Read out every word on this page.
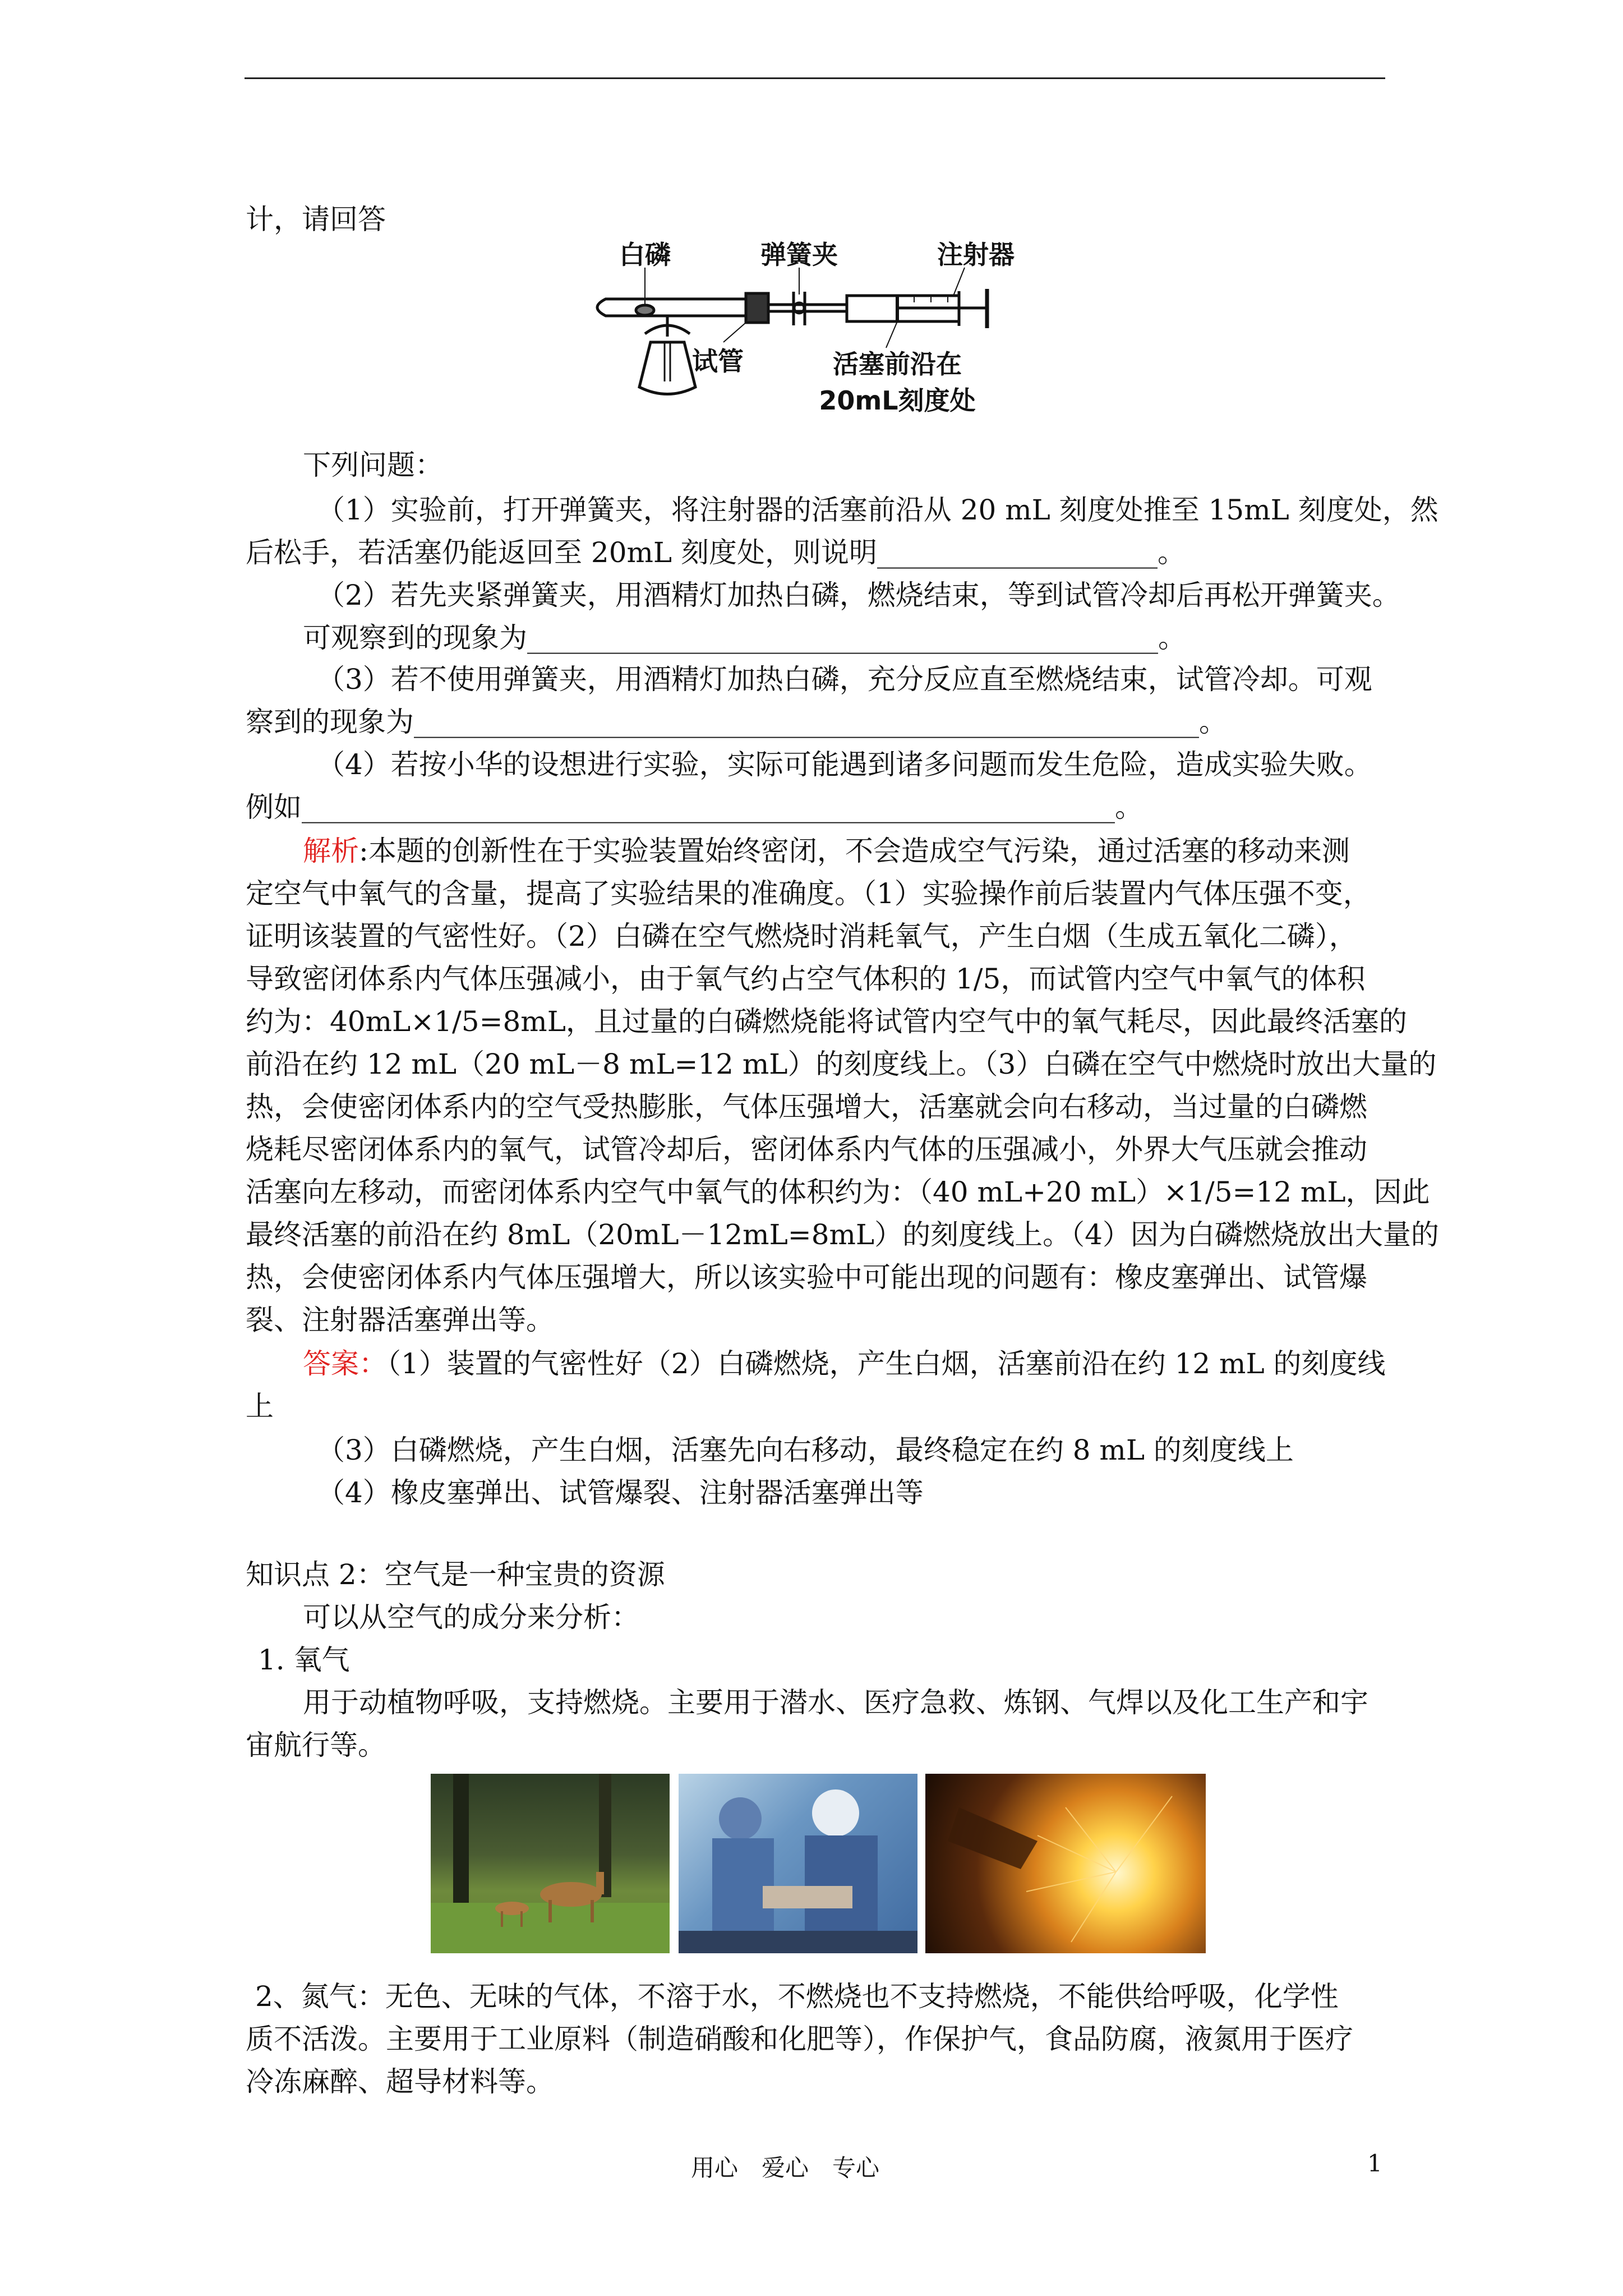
计，请回答
白磷	弹簧夹	注射器
试管	活塞前沿在
20mL刻度处
下列问题：
（1）实验前，打开弹簧夹，将注射器的活塞前沿从 20 mL 刻度处推至 15mL 刻度处，然
后松手，若活塞仍能返回至 20mL 刻度处，则说明____________________。
（2）若先夹紧弹簧夹，用酒精灯加热白磷，燃烧结束，等到试管冷却后再松开弹簧夹。
可观察到的现象为_____________________________________________。
（3）若不使用弹簧夹，用酒精灯加热白磷，充分反应直至燃烧结束，试管冷却。可观
察到的现象为________________________________________________________。
（4）若按小华的设想进行实验，实际可能遇到诸多问题而发生危险，造成实验失败。
例如__________________________________________________________。
解析:本题的创新性在于实验装置始终密闭，不会造成空气污染，通过活塞的移动来测
定空气中氧气的含量，提高了实验结果的准确度。（1）实验操作前后装置内气体压强不变，
证明该装置的气密性好。（2）白磷在空气燃烧时消耗氧气，产生白烟（生成五氧化二磷），
导致密闭体系内气体压强减小，由于氧气约占空气体积的 1/5，而试管内空气中氧气的体积
约为：40mL×1/5=8mL，且过量的白磷燃烧能将试管内空气中的氧气耗尽，因此最终活塞的
前沿在约 12 mL（20 mL－8 mL=12 mL）的刻度线上。（3）白磷在空气中燃烧时放出大量的
热，会使密闭体系内的空气受热膨胀，气体压强增大，活塞就会向右移动，当过量的白磷燃
烧耗尽密闭体系内的氧气，试管冷却后，密闭体系内气体的压强减小，外界大气压就会推动
活塞向左移动，而密闭体系内空气中氧气的体积约为：（40 mL+20 mL）×1/5=12 mL，因此
最终活塞的前沿在约 8mL（20mL－12mL=8mL）的刻度线上。（4）因为白磷燃烧放出大量的
热，会使密闭体系内气体压强增大，所以该实验中可能出现的问题有：橡皮塞弹出、试管爆
裂、注射器活塞弹出等。
答案：（1）装置的气密性好（2）白磷燃烧，产生白烟，活塞前沿在约 12 mL 的刻度线
上
（3）白磷燃烧，产生白烟，活塞先向右移动，最终稳定在约 8 mL 的刻度线上
（4）橡皮塞弹出、试管爆裂、注射器活塞弹出等
知识点 2：空气是一种宝贵的资源
可以从空气的成分来分析：
1. 氧气
用于动植物呼吸，支持燃烧。主要用于潜水、医疗急救、炼钢、气焊以及化工生产和宇
宙航行等。
2、氮气：无色、无味的气体，不溶于水，不燃烧也不支持燃烧，不能供给呼吸，化学性
质不活泼。主要用于工业原料（制造硝酸和化肥等），作保护气，食品防腐，液氮用于医疗
冷冻麻醉、超导材料等。
用心　爱心　专心	1
